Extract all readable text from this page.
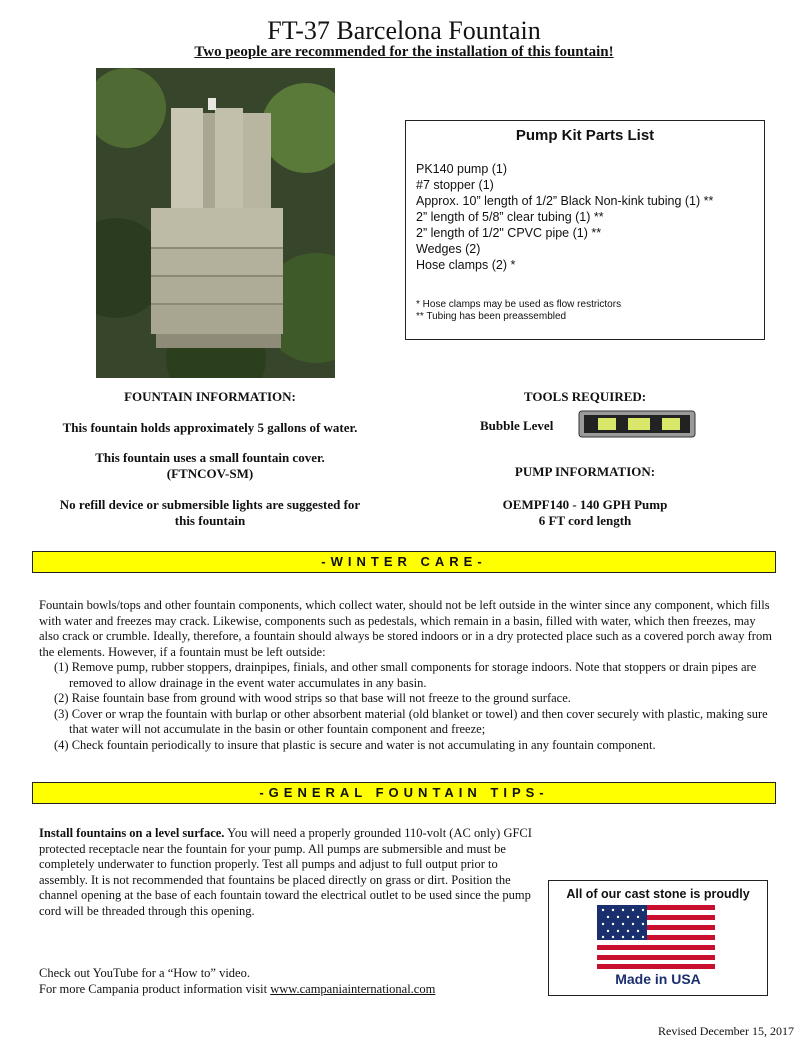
FT-37 Barcelona Fountain
Two people are recommended for the installation of this fountain!
Pump Kit Parts List
PK140 pump (1)
#7 stopper (1)
Approx. 10” length of 1/2” Black Non-kink tubing (1) **
2” length of 5/8” clear tubing (1) **
2” length of 1/2" CPVC pipe (1) **
Wedges (2)
Hose clamps (2) *
* Hose clamps may be used as flow restrictors
** Tubing has been preassembled
FOUNTAIN INFORMATION:
This fountain holds approximately 5 gallons of water.
This fountain uses a small fountain cover.
(FTNCOV-SM)
No refill device or submersible lights are suggested for
this fountain
TOOLS REQUIRED:
Bubble Level
PUMP INFORMATION:
OEMPF140 - 140 GPH Pump
6 FT cord length
-WINTER CARE-

Fountain bowls/tops and other fountain components, which collect water, should not be left outside in the winter since any component, which fills with water and freezes may crack. Likewise, components such as pedestals, which remain in a basin, filled with water, which then freezes, may also crack or crumble. Ideally, therefore, a fountain should always be stored indoors or in a dry protected place such as a covered porch away from the elements. However, if a fountain must be left outside:

(1) Remove pump, rubber stoppers, drainpipes, finials, and other small components for storage indoors. Note that stoppers or drain pipes are removed to allow drainage in the event water accumulates in any basin.
(2) Raise fountain base from ground with wood strips so that base will not freeze to the ground surface.
(3) Cover or wrap the fountain with burlap or other absorbent material (old blanket or towel) and then cover securely with plastic, making sure that water will not accumulate in the basin or other fountain component and freeze;
(4) Check fountain periodically to insure that plastic is secure and water is not accumulating in any fountain component.
-GENERAL FOUNTAIN TIPS-

Install fountains on a level surface. You will need a properly grounded 110-volt (AC only) GFCI protected receptacle near the fountain for your pump. All pumps are submersible and must be completely underwater to function properly. Test all pumps and adjust to full output prior to assembly. It is not recommended that fountains be placed directly on grass or dirt. Position the channel opening at the base of each fountain toward the electrical outlet to be used since the pump cord will be threaded through this opening.

All of our cast stone is proudly
Made in USA
Check out YouTube for a “How to” video.
For more Campania product information visit www.campaniainternational.com
Revised December 15, 2017
